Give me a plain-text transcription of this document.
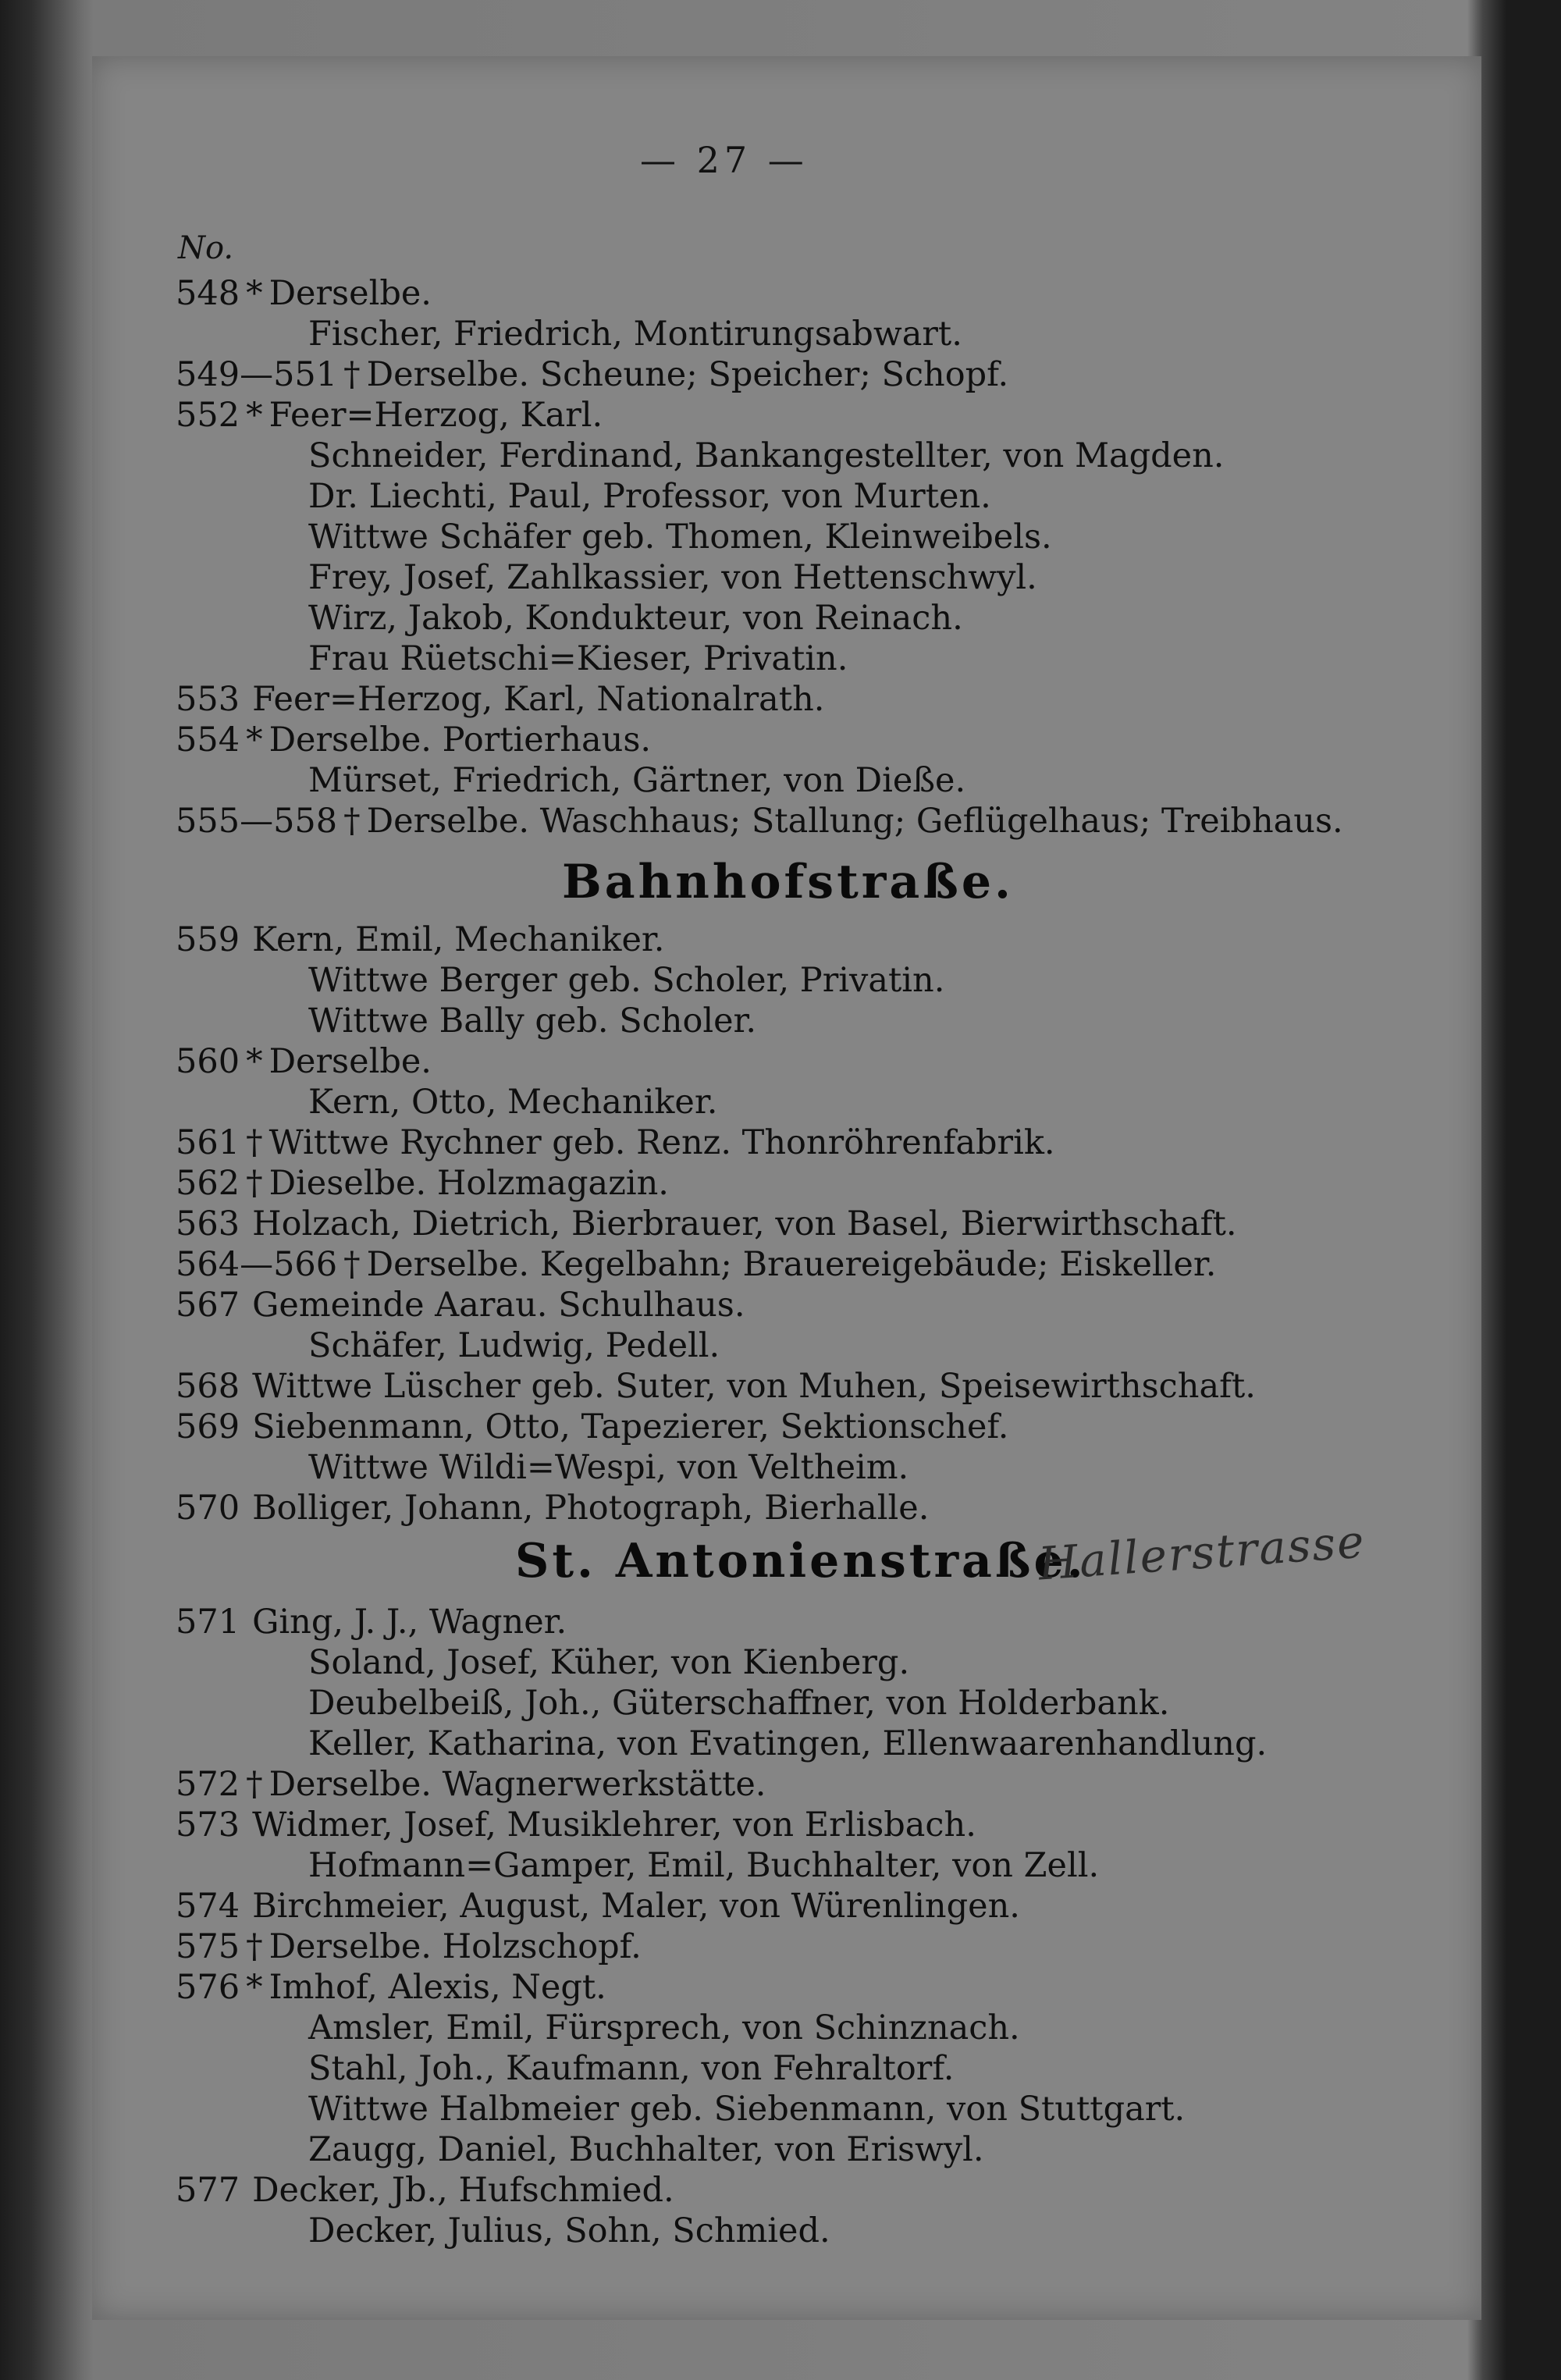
— 27 —
No.
548 * Derselbe.
Fischer, Friedrich, Montirungsabwart.
549—551 † Derselbe. Scheune; Speicher; Schopf.
552 * Feer=Herzog, Karl.
Schneider, Ferdinand, Bankangestellter, von Magden.
Dr. Liechti, Paul, Professor, von Murten.
Wittwe Schäfer geb. Thomen, Kleinweibels.
Frey, Josef, Zahlkassier, von Hettenschwyl.
Wirz, Jakob, Kondukteur, von Reinach.
Frau Rüetschi=Kieser, Privatin.
553 Feer=Herzog, Karl, Nationalrath.
554 * Derselbe. Portierhaus.
Mürset, Friedrich, Gärtner, von Dießе.
555—558 † Derselbe. Waschhaus; Stallung; Geflügelhaus; Treibhaus.
Bahnhofstraße.
559 Kern, Emil, Mechaniker.
Wittwe Berger geb. Scholer, Privatin.
Wittwe Bally geb. Scholer.
560 * Derselbe.
Kern, Otto, Mechaniker.
561 † Wittwe Rychner geb. Renz. Thonröhrenfabrik.
562 † Dieselbe. Holzmagazin.
563 Holzach, Dietrich, Bierbrauer, von Basel, Bierwirthschaft.
564—566 † Derselbe. Kegelbahn; Brauereigebäude; Eiskeller.
567 Gemeinde Aarau. Schulhaus.
Schäfer, Ludwig, Pedell.
568 Wittwe Lüscher geb. Suter, von Muhen, Speisewirthschaft.
569 Siebenmann, Otto, Tapezierer, Sektionschef.
Wittwe Wildi=Wespi, von Veltheim.
570 Bolliger, Johann, Photograph, Bierhalle.
St. Antonienstraße.
571 Ging, J. J., Wagner.
Soland, Josef, Küher, von Kienberg.
Deubelbeiß, Joh., Güterschaffner, von Holderbank.
Keller, Katharina, von Evatingen, Ellenwaarenhandlung.
572 † Derselbe. Wagnerwerkstätte.
573 Widmer, Josef, Musiklehrer, von Erlisbach.
Hofmann=Gamper, Emil, Buchhalter, von Zell.
574 Birchmeier, August, Maler, von Würenlingen.
575 † Derselbe. Holzschopf.
576 * Imhof, Alexis, Negt.
Amsler, Emil, Fürsprech, von Schinznach.
Stahl, Joh., Kaufmann, von Fehraltorf.
Wittwe Halbmeier geb. Siebenmann, von Stuttgart.
Zaugg, Daniel, Buchhalter, von Eriswyl.
577 Decker, Jb., Hufschmied.
Decker, Julius, Sohn, Schmied.
Hallerstrasse
